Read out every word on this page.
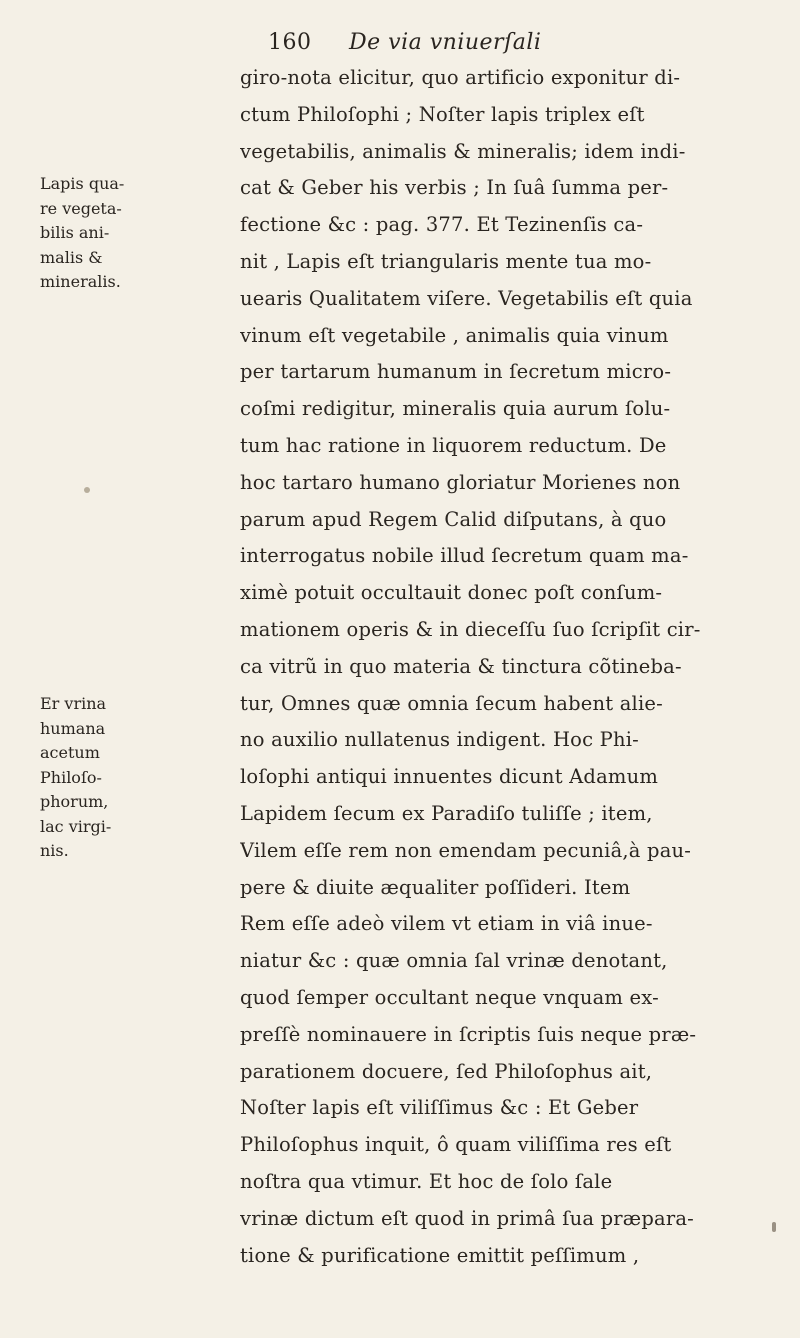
160 De via vniuerſali
Lapis qua-
re vegeta-
bilis ani-
malis &
mineralis.
Er vrina
humana
acetum
Philoſo-
phorum,
lac virgi-
nis.
giro-nota elicitur, quo artificio exponitur di-
ctum Philoſophi ; Noſter lapis triplex eſt
vegetabilis, animalis & mineralis; idem indi-
cat & Geber his verbis ; In ſuâ ſumma per-
fectione &c : pag. 377. Et Tezinenſis ca-
nit , Lapis eſt triangularis mente tua mo-
uearis Qualitatem viſere. Vegetabilis eſt quia
vinum eſt vegetabile , animalis quia vinum
per tartarum humanum in ſecretum micro-
coſmi redigitur, mineralis quia aurum ſolu-
tum hac ratione in liquorem reductum. De
hoc tartaro humano gloriatur Morienes non
parum apud Regem Calid diſputans, à quo
interrogatus nobile illud ſecretum quam ma-
ximè potuit occultauit donec poſt conſum-
mationem operis & in dieceſſu ſuo ſcripſit cir-
ca vitrũ in quo materia & tinctura cõtineba-
tur, Omnes quæ omnia ſecum habent alie-
no auxilio nullatenus indigent. Hoc Phi-
loſophi antiqui innuentes dicunt Adamum
Lapidem ſecum ex Paradiſo tuliſſe ; item,
Vilem eſſe rem non emendam pecuniâ,à pau-
pere & diuite æqualiter poſſideri. Item
Rem eſſe adeò vilem vt etiam in viâ inue-
niatur &c : quæ omnia ſal vrinæ denotant,
quod ſemper occultant neque vnquam ex-
preſſè nominauere in ſcriptis ſuis neque præ-
parationem docuere, ſed Philoſophus ait,
Noſter lapis eſt viliſſimus &c : Et Geber
Philoſophus inquit, ô quam viliſſima res eſt
noſtra qua vtimur. Et hoc de ſolo ſale
vrinæ dictum eſt quod in primâ ſua præpara-
tione & purificatione emittit peſſimum ,
